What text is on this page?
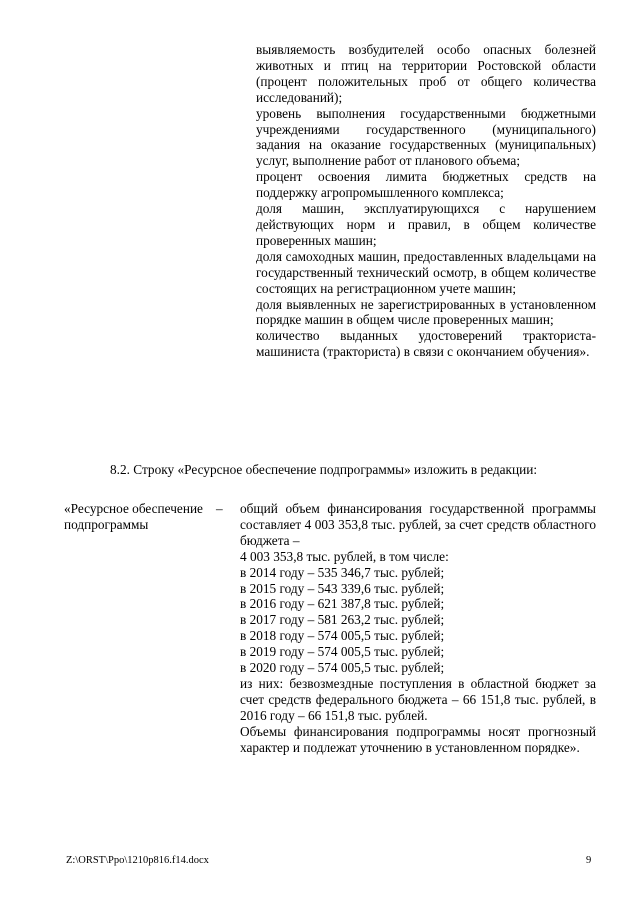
выявляемость возбудителей особо опасных болезней животных и птиц на территории Ростовской области (процент положительных проб от общего количества исследований);

уровень выполнения государственными бюджетными учреждениями государственного (муниципального) задания на оказание государственных (муниципальных) услуг, выполнение работ от планового объема;

процент освоения лимита бюджетных средств на поддержку агропромышленного комплекса;

доля машин, эксплуатирующихся с нарушением действующих норм и правил, в общем количестве проверенных машин;

доля самоходных машин, предоставленных владельцами на государственный технический осмотр, в общем количестве состоящих на регистрационном учете машин;

доля выявленных не зарегистрированных в установленном порядке машин в общем числе проверенных машин;

количество выданных удостоверений тракториста-машиниста (тракториста) в связи с окончанием обучения».

8.2. Строку «Ресурсное обеспечение подпрограммы» изложить в редакции:
«Ресурсное обеспечение подпрограммы
– общий объем финансирования государственной программы составляет 4 003 353,8 тыс. рублей, за счет средств областного бюджета –

4 003 353,8 тыс. рублей, в том числе:

в 2014 году – 535 346,7 тыс. рублей;

в 2015 году – 543 339,6 тыс. рублей;

в 2016 году – 621 387,8 тыс. рублей;

в 2017 году – 581 263,2 тыс. рублей;

в 2018 году – 574 005,5 тыс. рублей;

в 2019 году – 574 005,5 тыс. рублей;

в 2020 году – 574 005,5 тыс. рублей;

из них: безвозмездные поступления в областной бюджет за счет средств федерального бюджета – 66 151,8 тыс. рублей, в 2016 году – 66 151,8 тыс. рублей.

Объемы финансирования подпрограммы носят прогнозный характер и подлежат уточнению в установленном порядке».

Z:\ORST\Ppo\1210p816.f14.docx	9
